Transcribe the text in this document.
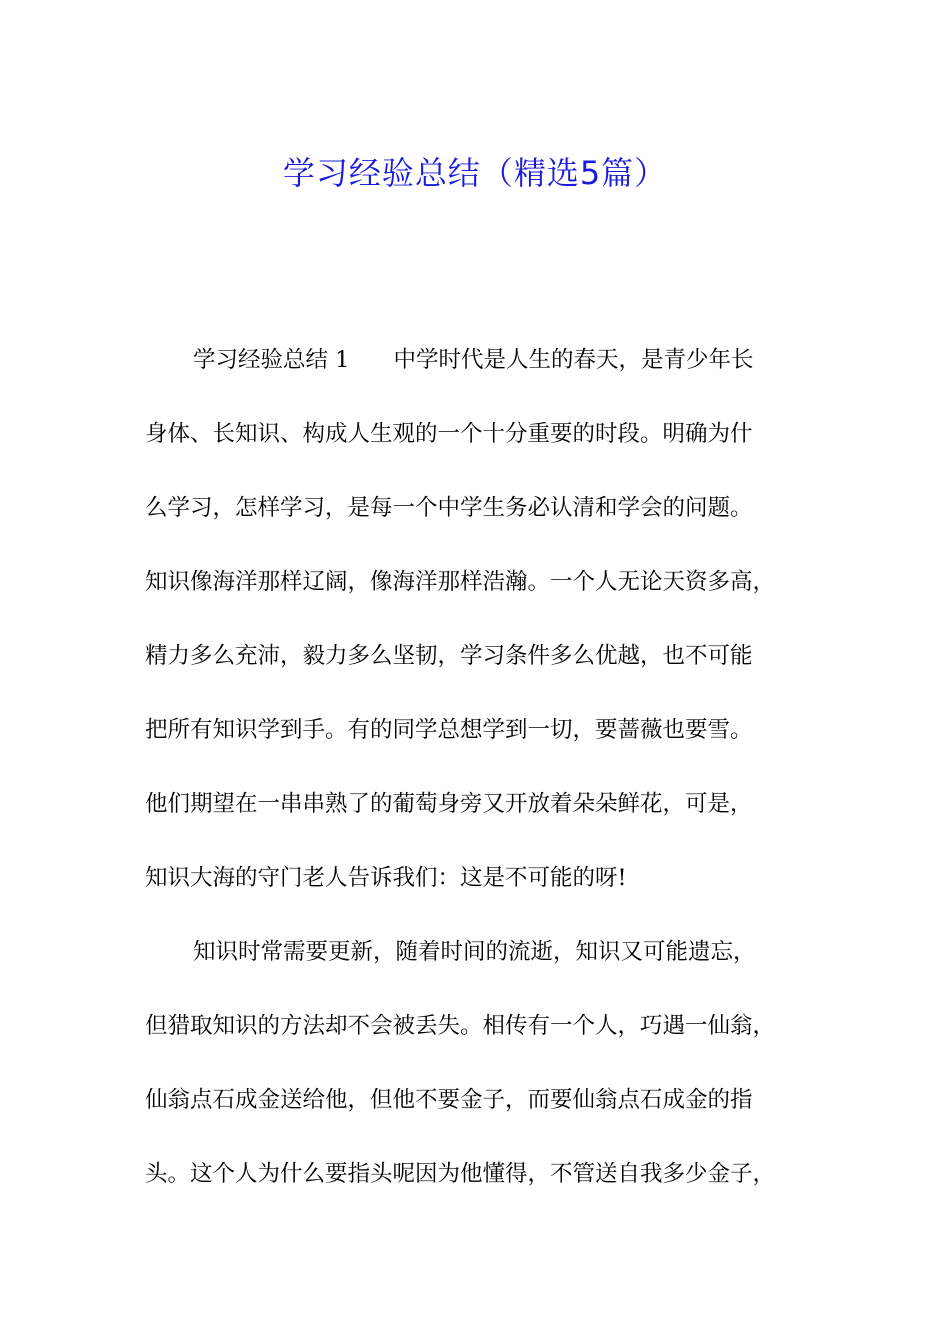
学习经验总结（精选5篇）
学习经验总结 1 中学时代是人生的春天，是青少年长
身体、长知识、构成人生观的一个十分重要的时段。明确为什
么学习，怎样学习，是每一个中学生务必认清和学会的问题。
知识像海洋那样辽阔，像海洋那样浩瀚。一个人无论天资多高，
精力多么充沛，毅力多么坚韧，学习条件多么优越，也不可能
把所有知识学到手。有的同学总想学到一切，要蔷薇也要雪。
他们期望在一串串熟了的葡萄身旁又开放着朵朵鲜花，可是，
知识大海的守门老人告诉我们：这是不可能的呀!
知识时常需要更新，随着时间的流逝，知识又可能遗忘，
但猎取知识的方法却不会被丢失。相传有一个人，巧遇一仙翁，
仙翁点石成金送给他，但他不要金子，而要仙翁点石成金的指
头。这个人为什么要指头呢因为他懂得，不管送自我多少金子，
